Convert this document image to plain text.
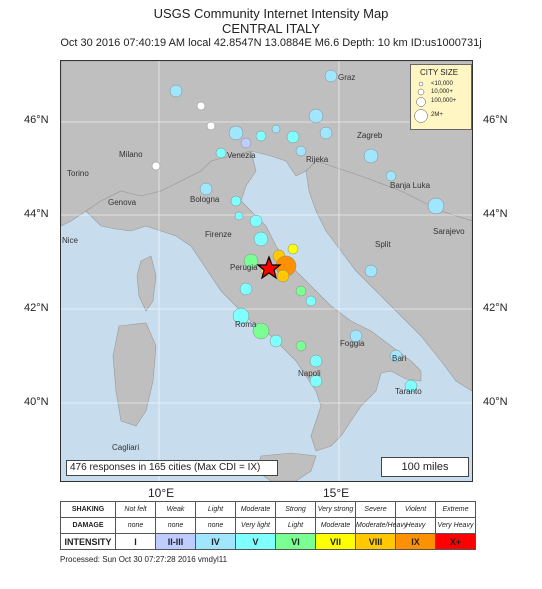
USGS Community Internet Intensity Map
CENTRAL ITALY
Oct 30 2016 07:40:19 AM local 42.8547N 13.0884E M6.6 Depth: 10 km ID:us1000731j
Graz
Zagreb
Rijeka
Venezia
Milano
Torino
Genova	Bologna
Banja Luka
Sarajevo
Firenze
Split
Perugia
Roma
Napoli
Foggia
Bari
Taranto
Cagliari
Nice
46°N
44°N
42°N
40°N
46°N
44°N
42°N
40°N
10°E	15°E
CITY SIZE
<10,000
10,000+
100,000+
2M+
476 responses in 165 cities (Max CDI = IX)	100 miles
SHAKING	Not felt	Weak	Light	Moderate	Strong	Very strong	Severe	Violent	Extreme
DAMAGE	none	none	none	Very light	Light	Moderate	Moderate/Heavy	Heavy	Very Heavy
INTENSITY	I	II-III	IV	V	VI	VII	VIII	IX	X+
Processed: Sun Oct 30 07:27:28 2016 vmdyl11
